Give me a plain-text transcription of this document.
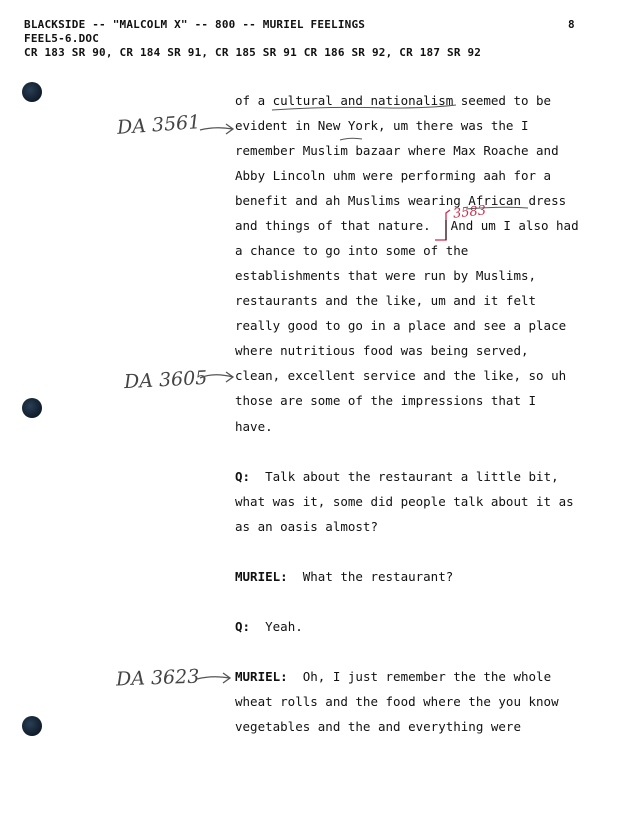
BLACKSIDE -- "MALCOLM X" -- 800 -- MURIEL FEELINGS
FEEL5-6.DOC
CR 183 SR 90, CR 184 SR 91, CR 185 SR 91 CR 186 SR 92, CR 187 SR 92
8
of a cultural and nationalism seemed to be
evident in New York, um there was the I
remember Muslim bazaar where Max Roache and
Abby Lincoln uhm were performing aah for a
benefit and ah Muslims wearing African dress
and things of that nature. And um I also had
a chance to go into some of the
establishments that were run by Muslims,
restaurants and the like, um and it felt
really good to go in a place and see a place
where nutritious food was being served,
clean, excellent service and the like, so uh
those are some of the impressions that I
have.
Q: Talk about the restaurant a little bit,
what was it, some did people talk about it as
as an oasis almost?
MURIEL: What the restaurant?
Q: Yeah.
MURIEL: Oh, I just remember the the whole
wheat rolls and the food where the you know
vegetables and the and everything were
DA 3561
DA 3605
DA 3623
3583
